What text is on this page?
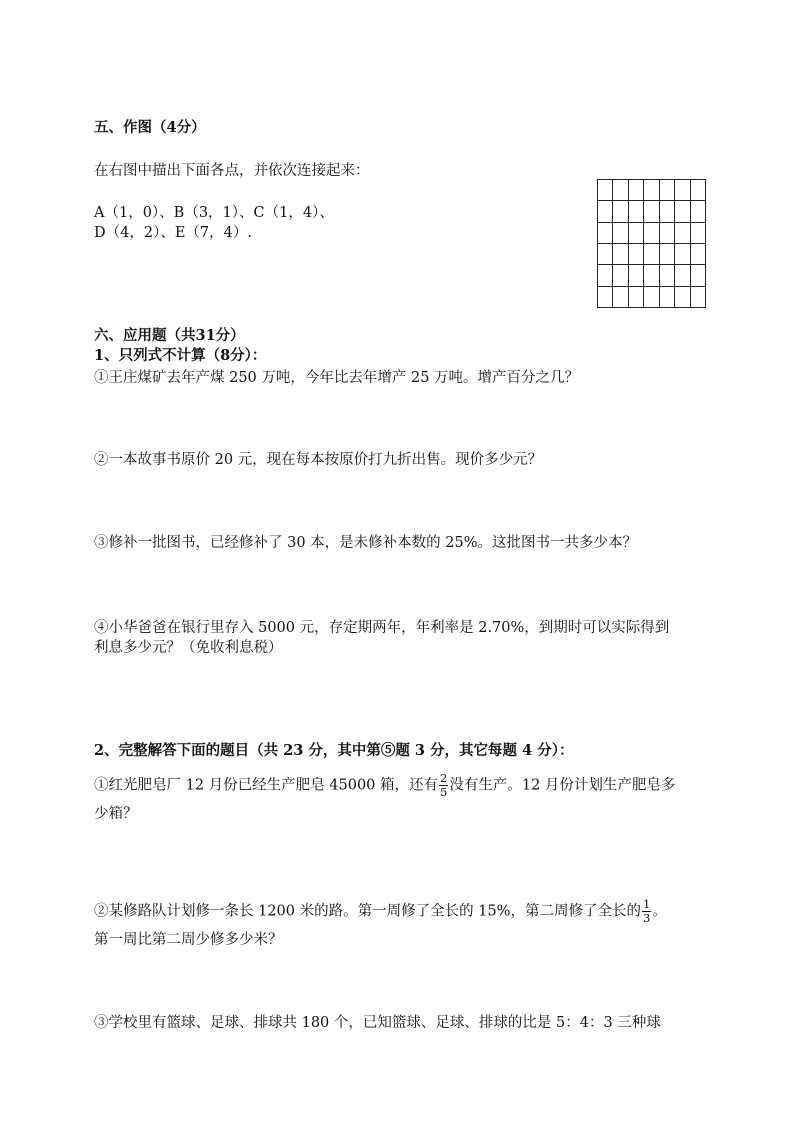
五、作图（4分）
在右图中描出下面各点，并依次连接起来：
A（1，0）、B（3，1）、C（1，4）、
D（4，2）、E（7，4）.
六、应用题（共31分）
1、只列式不计算（8分）：
①王庄煤矿去年产煤 250 万吨，今年比去年增产 25 万吨。增产百分之几？
②一本故事书原价 20 元，现在每本按原价打九折出售。现价多少元？
③修补一批图书，已经修补了 30 本，是未修补本数的 25%。这批图书一共多少本？
④小华爸爸在银行里存入 5000 元，存定期两年，年利率是 2.70%，到期时可以实际得到
利息多少元？（免收利息税）
2、完整解答下面的题目（共 23 分，其中第⑤题 3 分，其它每题 4 分）：
①红光肥皂厂 12 月份已经生产肥皂 45000 箱，还有 $\frac{2}{5}$ 没有生产。12 月份计划生产肥皂多
少箱？
②某修路队计划修一条长 1200 米的路。第一周修了全长的 15%，第二周修了全长的 $\frac{1}{3}$ 。
第一周比第二周少修多少米？
③学校里有篮球、足球、排球共 180 个，已知篮球、足球、排球的比是 5：4：3 三种球
